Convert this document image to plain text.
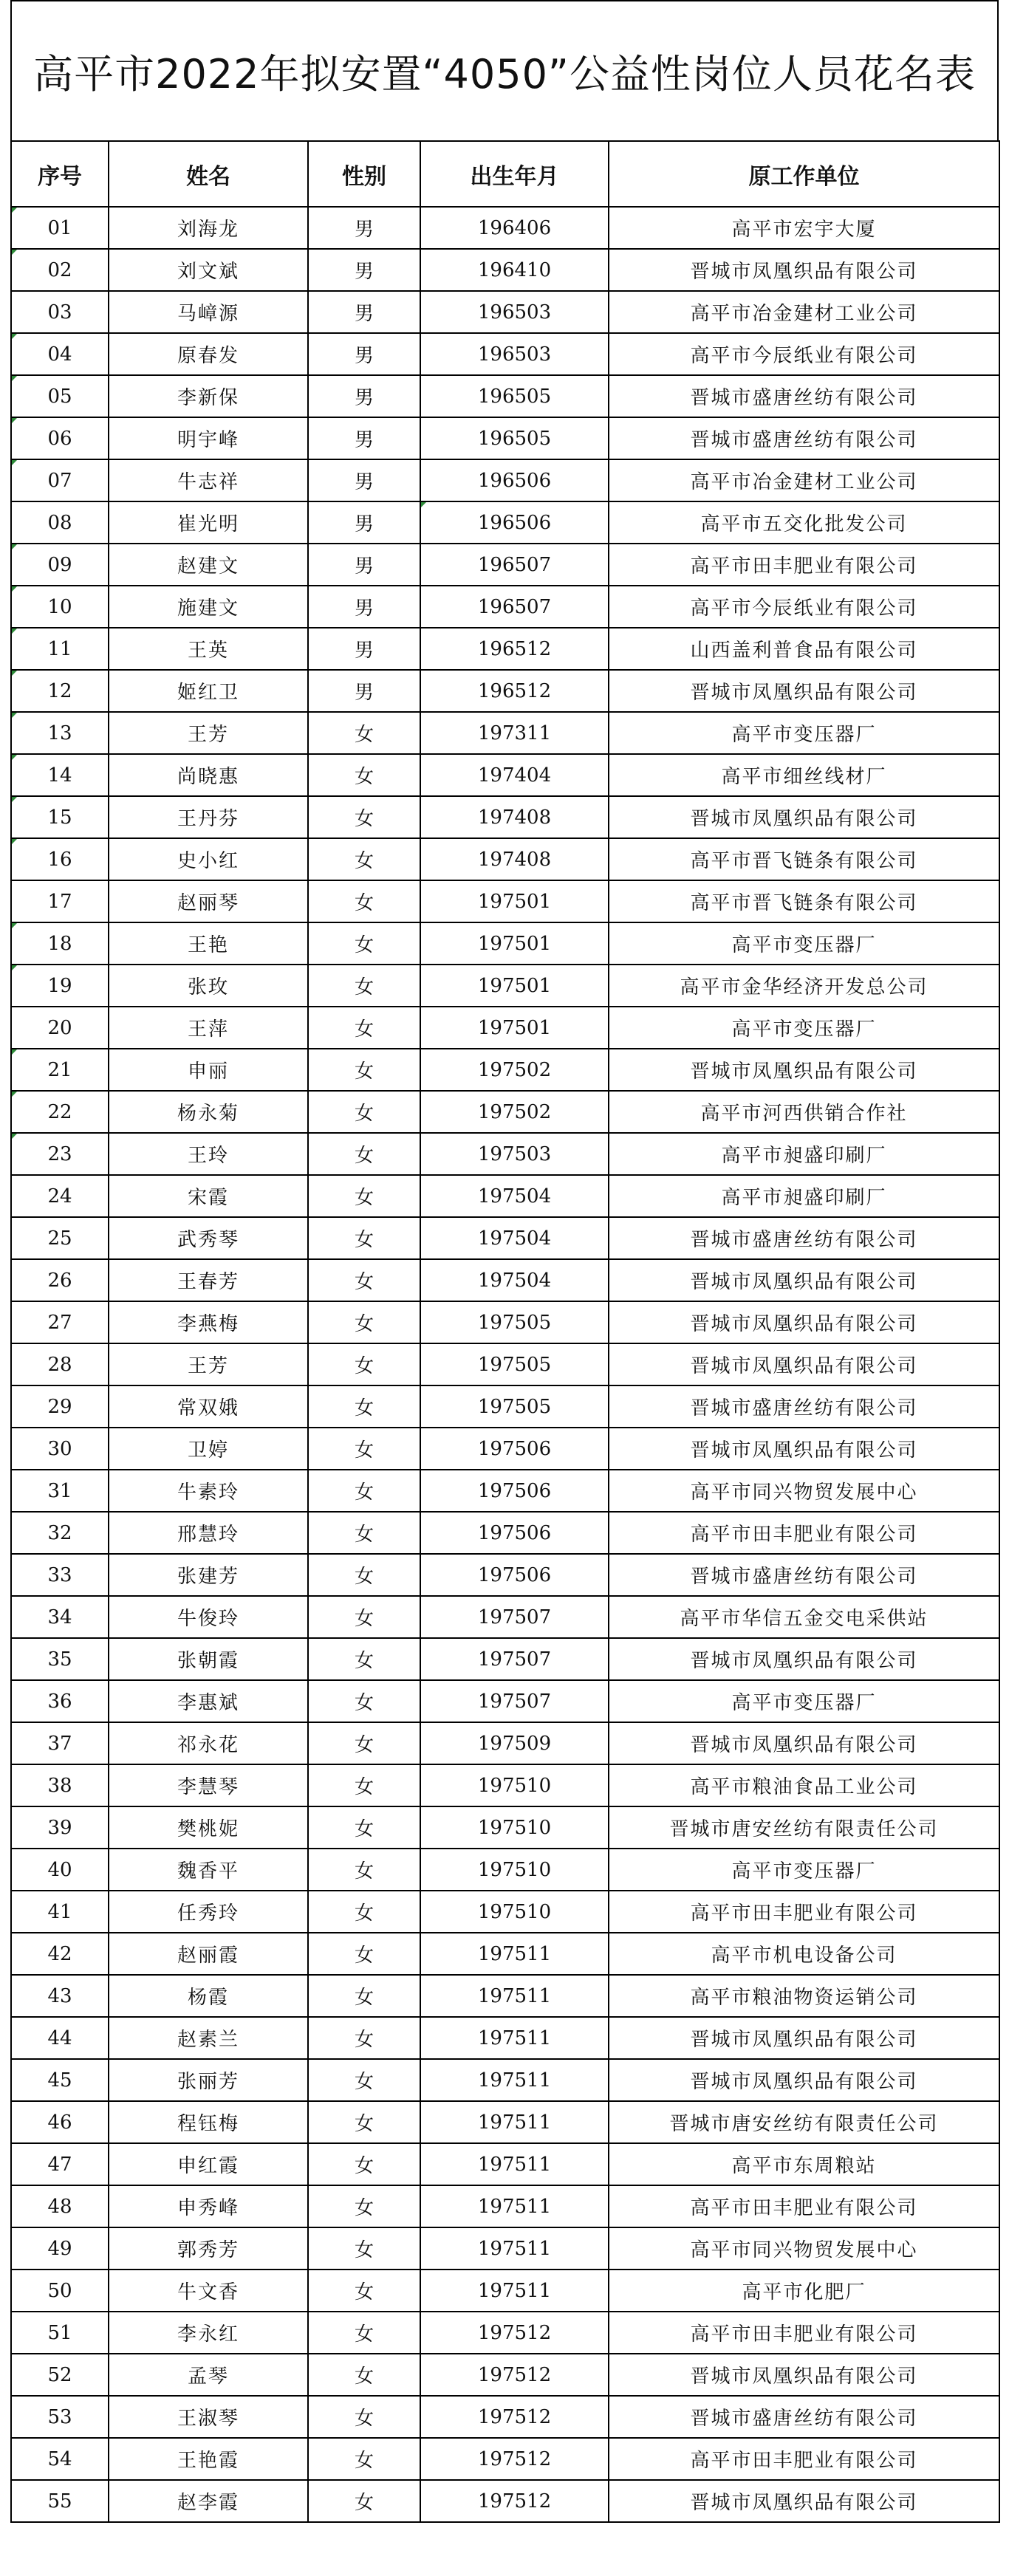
高平市2022年拟安置“4050”公益性岗位人员花名表
序号	姓名	性别	出生年月	原工作单位
01	刘海龙	男	196406	高平市宏宇大厦
02	刘文斌	男	196410	晋城市凤凰织品有限公司
03	马嶂源	男	196503	高平市冶金建材工业公司
04	原春发	男	196503	高平市今辰纸业有限公司
05	李新保	男	196505	晋城市盛唐丝纺有限公司
06	明宇峰	男	196505	晋城市盛唐丝纺有限公司
07	牛志祥	男	196506	高平市冶金建材工业公司
08	崔光明	男	196506	高平市五交化批发公司
09	赵建文	男	196507	高平市田丰肥业有限公司
10	施建文	男	196507	高平市今辰纸业有限公司
11	王英	男	196512	山西盖利普食品有限公司
12	姬红卫	男	196512	晋城市凤凰织品有限公司
13	王芳	女	197311	高平市变压器厂
14	尚晓惠	女	197404	高平市细丝线材厂
15	王丹芬	女	197408	晋城市凤凰织品有限公司
16	史小红	女	197408	高平市晋飞链条有限公司
17	赵丽琴	女	197501	高平市晋飞链条有限公司
18	王艳	女	197501	高平市变压器厂
19	张玫	女	197501	高平市金华经济开发总公司
20	王萍	女	197501	高平市变压器厂
21	申丽	女	197502	晋城市凤凰织品有限公司
22	杨永菊	女	197502	高平市河西供销合作社
23	王玲	女	197503	高平市昶盛印刷厂
24	宋霞	女	197504	高平市昶盛印刷厂
25	武秀琴	女	197504	晋城市盛唐丝纺有限公司
26	王春芳	女	197504	晋城市凤凰织品有限公司
27	李燕梅	女	197505	晋城市凤凰织品有限公司
28	王芳	女	197505	晋城市凤凰织品有限公司
29	常双娥	女	197505	晋城市盛唐丝纺有限公司
30	卫婷	女	197506	晋城市凤凰织品有限公司
31	牛素玲	女	197506	高平市同兴物贸发展中心
32	邢慧玲	女	197506	高平市田丰肥业有限公司
33	张建芳	女	197506	晋城市盛唐丝纺有限公司
34	牛俊玲	女	197507	高平市华信五金交电采供站
35	张朝霞	女	197507	晋城市凤凰织品有限公司
36	李惠斌	女	197507	高平市变压器厂
37	祁永花	女	197509	晋城市凤凰织品有限公司
38	李慧琴	女	197510	高平市粮油食品工业公司
39	樊桃妮	女	197510	晋城市唐安丝纺有限责任公司
40	魏香平	女	197510	高平市变压器厂
41	任秀玲	女	197510	高平市田丰肥业有限公司
42	赵丽霞	女	197511	高平市机电设备公司
43	杨霞	女	197511	高平市粮油物资运销公司
44	赵素兰	女	197511	晋城市凤凰织品有限公司
45	张丽芳	女	197511	晋城市凤凰织品有限公司
46	程钰梅	女	197511	晋城市唐安丝纺有限责任公司
47	申红霞	女	197511	高平市东周粮站
48	申秀峰	女	197511	高平市田丰肥业有限公司
49	郭秀芳	女	197511	高平市同兴物贸发展中心
50	牛文香	女	197511	高平市化肥厂
51	李永红	女	197512	高平市田丰肥业有限公司
52	孟琴	女	197512	晋城市凤凰织品有限公司
53	王淑琴	女	197512	晋城市盛唐丝纺有限公司
54	王艳霞	女	197512	高平市田丰肥业有限公司
55	赵李霞	女	197512	晋城市凤凰织品有限公司
